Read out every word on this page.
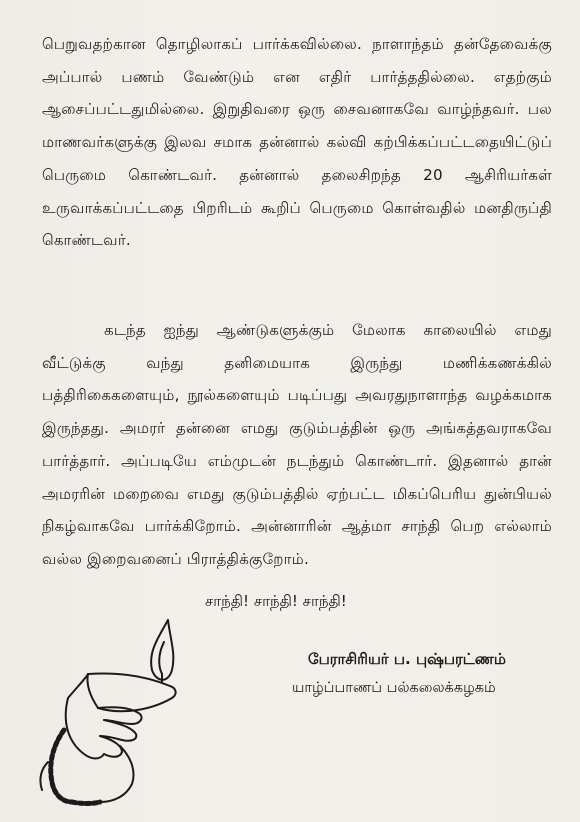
பெறுவதற்கான தொழிலாகப் பார்க்கவில்லை. நாளாந்தம் தன்தேவைக்கு அப்பால் பணம் வேண்டும் என எதிர் பார்த்ததில்லை. எதற்கும் ஆசைப்பட்டதுமில்லை. இறுதிவரை ஒரு சைவனாகவே வாழ்ந்தவர். பல மாணவர்களுக்கு இலவ சமாக தன்னால் கல்வி கற்பிக்கப்பட்டதையிட்டுப் பெருமை கொண்டவர். தன்னால் தலைசிறந்த 20 ஆசிரியர்கள் உருவாக்கப்பட்டதை பிறரிடம் கூறிப் பெருமை கொள்வதில் மனதிருப்தி கொண்டவர்.

கடந்த ஐந்து ஆண்டுகளுக்கும் மேலாக காலையில் எமது வீட்டுக்கு வந்து தனிமையாக இருந்து மணிக்கணக்கில் பத்திரிகைகளையும், நூல்களையும் படிப்பது அவரதுநாளாந்த வழக்கமாக இருந்தது. அமரர் தன்னை எமது குடும்பத்தின் ஒரு அங்கத்தவராகவே பார்த்தார். அப்படியே எம்முடன் நடந்தும் கொண்டார். இதனால் தான் அமரரின் மறைவை எமது குடும்பத்தில் ஏற்பட்ட மிகப்பெரிய துன்பியல் நிகழ்வாகவே பார்க்கிறோம். அன்னாரின் ஆத்மா சாந்தி பெற எல்லாம் வல்ல இறைவனைப் பிராத்திக்குறோம்.

சாந்தி! சாந்தி! சாந்தி!
பேராசிரியர் ப. புஷ்பரட்ணம்
யாழ்ப்பாணப் பல்கலைக்கழகம்
